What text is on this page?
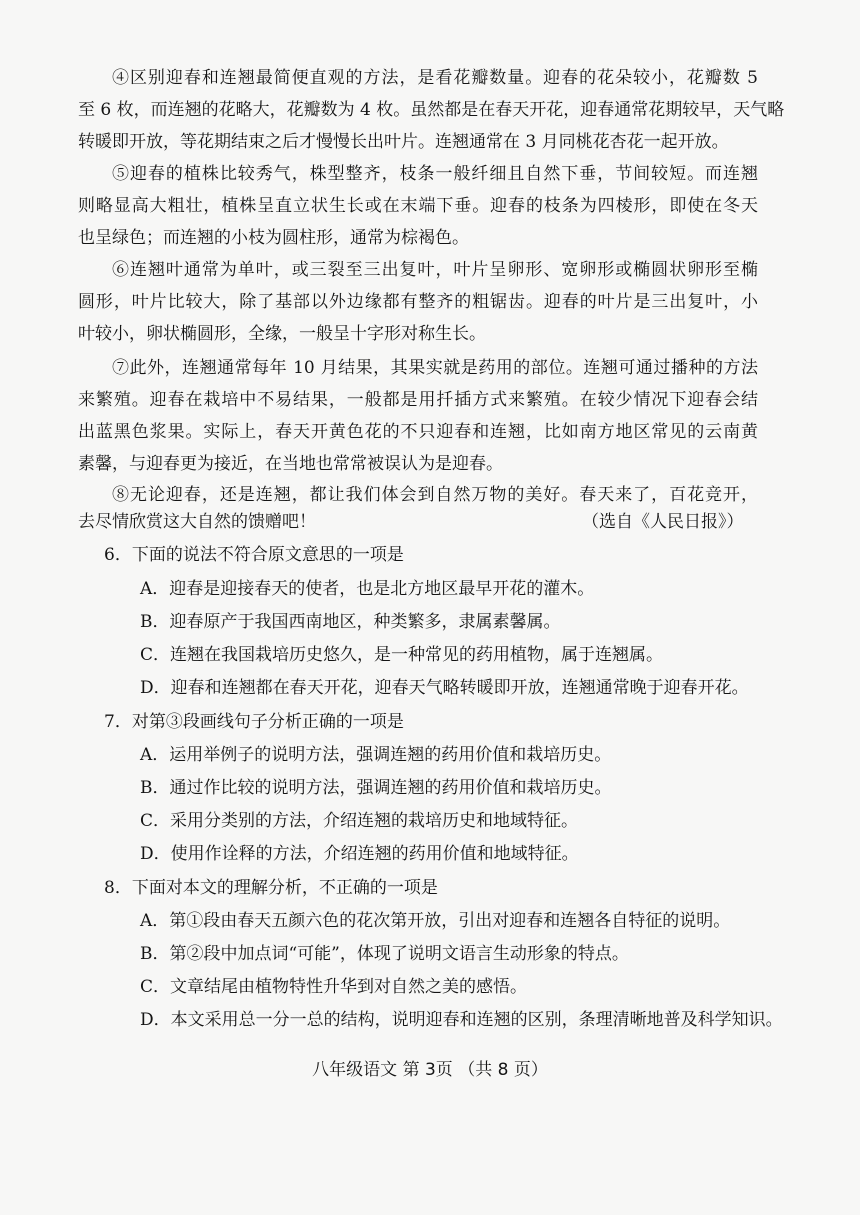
④区别迎春和连翘最简便直观的方法，是看花瓣数量。迎春的花朵较小，花瓣数 5
至 6 枚，而连翘的花略大，花瓣数为 4 枚。虽然都是在春天开花，迎春通常花期较早，天气略
转暖即开放，等花期结束之后才慢慢长出叶片。连翘通常在 3 月同桃花杏花一起开放。
⑤迎春的植株比较秀气，株型整齐，枝条一般纤细且自然下垂，节间较短。而连翘
则略显高大粗壮，植株呈直立状生长或在末端下垂。迎春的枝条为四棱形，即使在冬天
也呈绿色；而连翘的小枝为圆柱形，通常为棕褐色。
⑥连翘叶通常为单叶，或三裂至三出复叶，叶片呈卵形、宽卵形或椭圆状卵形至椭
圆形，叶片比较大，除了基部以外边缘都有整齐的粗锯齿。迎春的叶片是三出复叶，小
叶较小，卵状椭圆形，全缘，一般呈十字形对称生长。
⑦此外，连翘通常每年 10 月结果，其果实就是药用的部位。连翘可通过播种的方法
来繁殖。迎春在栽培中不易结果，一般都是用扦插方式来繁殖。在较少情况下迎春会结
出蓝黑色浆果。实际上，春天开黄色花的不只迎春和连翘，比如南方地区常见的云南黄
素馨，与迎春更为接近，在当地也常常被误认为是迎春。
⑧无论迎春，还是连翘，都让我们体会到自然万物的美好。春天来了，百花竞开，
去尽情欣赏这大自然的馈赠吧！	（选自《人民日报》）
6．下面的说法不符合原文意思的一项是
A．迎春是迎接春天的使者，也是北方地区最早开花的灌木。
B．迎春原产于我国西南地区，种类繁多，隶属素馨属。
C．连翘在我国栽培历史悠久，是一种常见的药用植物，属于连翘属。
D．迎春和连翘都在春天开花，迎春天气略转暖即开放，连翘通常晚于迎春开花。
7．对第③段画线句子分析正确的一项是
A．运用举例子的说明方法，强调连翘的药用价值和栽培历史。
B．通过作比较的说明方法，强调连翘的药用价值和栽培历史。
C．采用分类别的方法，介绍连翘的栽培历史和地域特征。
D．使用作诠释的方法，介绍连翘的药用价值和地域特征。
8．下面对本文的理解分析，不正确的一项是
A．第①段由春天五颜六色的花次第开放，引出对迎春和连翘各自特征的说明。
B．第②段中加点词“可能”，体现了说明文语言生动形象的特点。
C．文章结尾由植物特性升华到对自然之美的感悟。
D．本文采用总一分一总的结构，说明迎春和连翘的区别，条理清晰地普及科学知识。
八年级语文 第 3页 （共 8 页）
